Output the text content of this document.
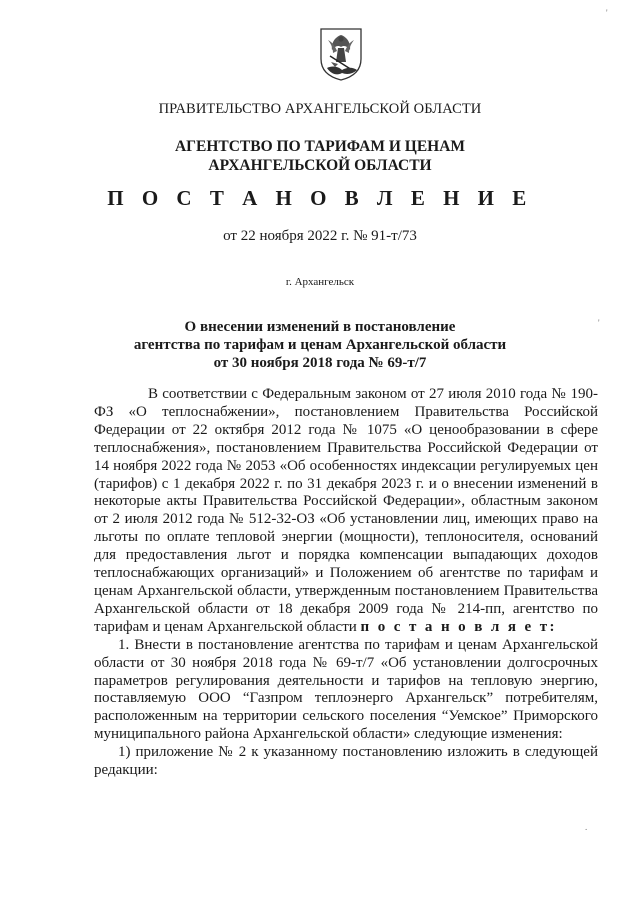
ПРАВИТЕЛЬСТВО АРХАНГЕЛЬСКОЙ ОБЛАСТИ
АГЕНТСТВО ПО ТАРИФАМ И ЦЕНАМ
АРХАНГЕЛЬСКОЙ ОБЛАСТИ
П О С Т А Н О В Л Е Н И Е
от 22 ноября 2022 г. № 91-т/73
г. Архангельск
О внесении изменений в постановление
агентства по тарифам и ценам Архангельской области
от 30 ноября 2018 года № 69-т/7

В соответствии с Федеральным законом от 27 июля 2010 года № 190-ФЗ «О теплоснабжении», постановлением Правительства Российской Федерации от 22 октября 2012 года № 1075 «О ценообразовании в сфере теплоснабжения», постановлением Правительства Российской Федерации от 14 ноября 2022 года № 2053 «Об особенностях индексации регулируемых цен (тарифов) с 1 декабря 2022 г. по 31 декабря 2023 г. и о внесении изменений в некоторые акты Правительства Российской Федерации», областным законом от 2 июля 2012 года № 512-32-ОЗ «Об установлении лиц, имеющих право на льготы по оплате тепловой энергии (мощности), теплоносителя, оснований для предоставления льгот и порядка компенсации выпадающих доходов теплоснабжающих организаций» и Положением об агентстве по тарифам и ценам Архангельской области, утвержденным постановлением Правительства Архангельской области от 18 декабря 2009 года № 214-пп, агентство по тарифам и ценам Архангельской области п о с т а н о в л я е т:

1. Внести в постановление агентства по тарифам и ценам Архангельской области от 30 ноября 2018 года № 69-т/7 «Об установлении долгосрочных параметров регулирования деятельности и тарифов на тепловую энергию, поставляемую ООО “Газпром теплоэнерго Архангельск” потребителям, расположенным на территории сельского поселения “Уемское” Приморского муниципального района Архангельской области» следующие изменения:

1) приложение № 2 к указанному постановлению изложить в следующей редакции:

'
'
.
